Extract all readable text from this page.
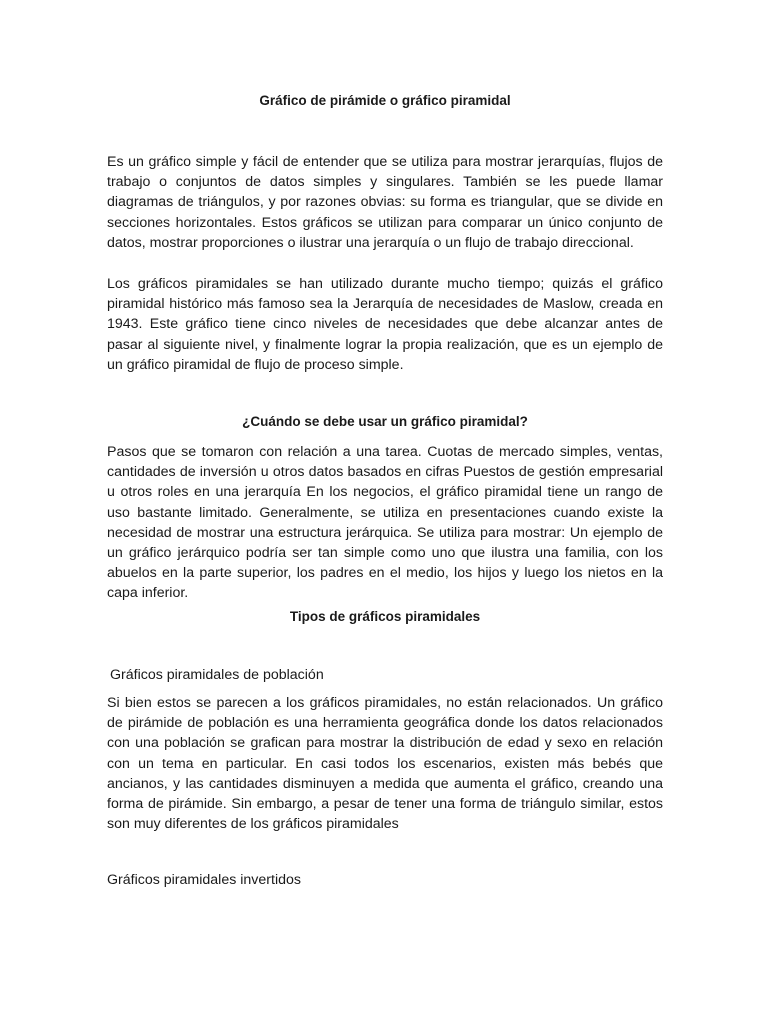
Gráfico de pirámide o gráfico piramidal

Es un gráfico simple y fácil de entender que se utiliza para mostrar jerarquías, flujos de trabajo o conjuntos de datos simples y singulares. También se les puede llamar diagramas de triángulos, y por razones obvias: su forma es triangular, que se divide en secciones horizontales. Estos gráficos se utilizan para comparar un único conjunto de datos, mostrar proporciones o ilustrar una jerarquía o un flujo de trabajo direccional.

Los gráficos piramidales se han utilizado durante mucho tiempo; quizás el gráfico piramidal histórico más famoso sea la Jerarquía de necesidades de Maslow, creada en 1943. Este gráfico tiene cinco niveles de necesidades que debe alcanzar antes de pasar al siguiente nivel, y finalmente lograr la propia realización, que es un ejemplo de un gráfico piramidal de flujo de proceso simple.

¿Cuándo se debe usar un gráfico piramidal?

Pasos que se tomaron con relación a una tarea. Cuotas de mercado simples, ventas, cantidades de inversión u otros datos basados en cifras Puestos de gestión empresarial u otros roles en una jerarquía En los negocios, el gráfico piramidal tiene un rango de uso bastante limitado. Generalmente, se utiliza en presentaciones cuando existe la necesidad de mostrar una estructura jerárquica. Se utiliza para mostrar: Un ejemplo de un gráfico jerárquico podría ser tan simple como uno que ilustra una familia, con los abuelos en la parte superior, los padres en el medio, los hijos y luego los nietos en la capa inferior.

Tipos de gráficos piramidales

Gráficos piramidales de población

Si bien estos se parecen a los gráficos piramidales, no están relacionados. Un gráfico de pirámide de población es una herramienta geográfica donde los datos relacionados con una población se grafican para mostrar la distribución de edad y sexo en relación con un tema en particular. En casi todos los escenarios, existen más bebés que ancianos, y las cantidades disminuyen a medida que aumenta el gráfico, creando una forma de pirámide. Sin embargo, a pesar de tener una forma de triángulo similar, estos son muy diferentes de los gráficos piramidales

Gráficos piramidales invertidos
